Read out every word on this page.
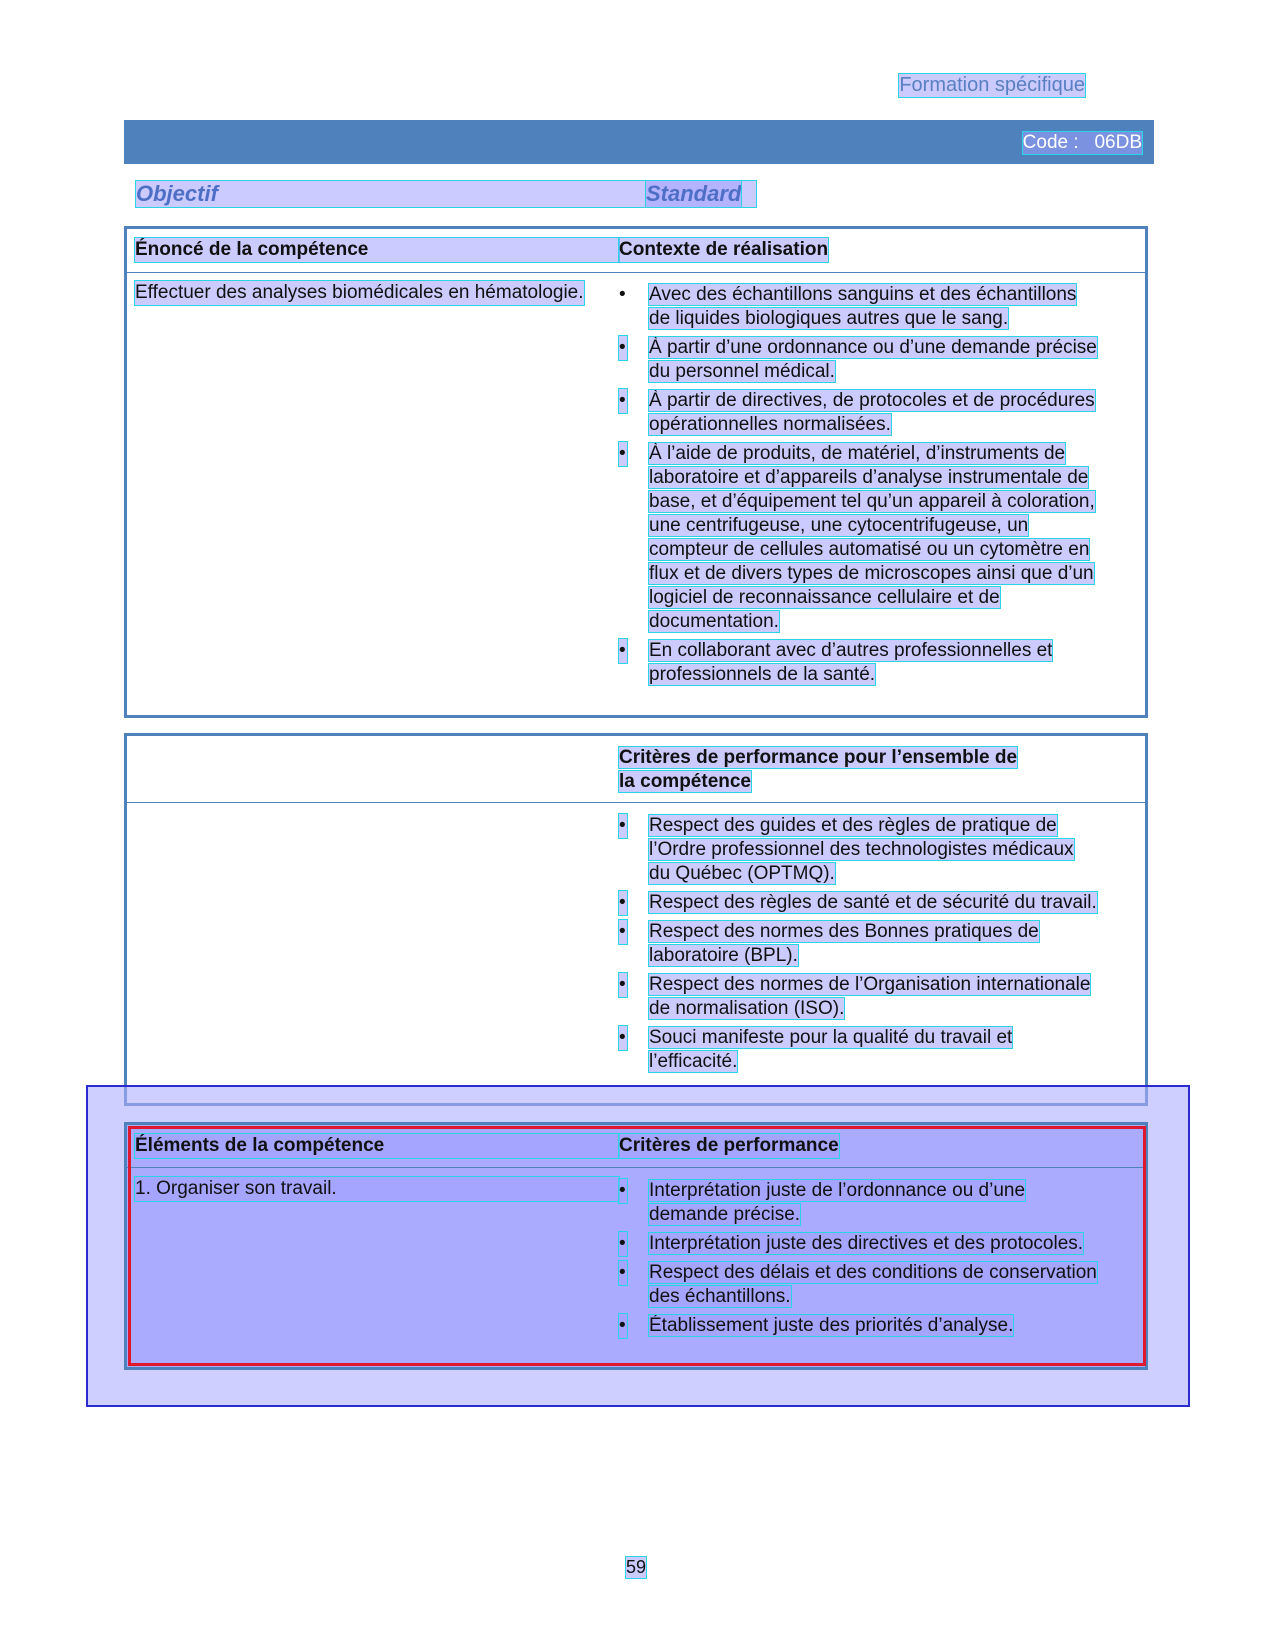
Formation spécifique
Code :   06DB
Objectif	Standard
Énoncé de la compétence	Contexte de réalisation
Effectuer des analyses biomédicales en hématologie. •	Avec des échantillons sanguins et des échantillons de liquides biologiques autres que le sang.
•
À partir d’une ordonnance ou d’une demande précise du personnel médical.
•
À partir de directives, de protocoles et de procédures opérationnelles normalisées.
•
À l’aide de produits, de matériel, d’instruments de laboratoire et d’appareils d’analyse instrumentale de base, et d’équipement tel qu’un appareil à coloration, une centrifugeuse, une cytocentrifugeuse, un compteur de cellules automatisé ou un cytomètre en flux et de divers types de microscopes ainsi que d’un logiciel de reconnaissance cellulaire et de documentation.
•
En collaborant avec d’autres professionnelles et professionnels de la santé.
Critères de performance pour l’ensemble de la compétence
•
Respect des guides et des règles de pratique de l’Ordre professionnel des technologistes médicaux du Québec (OPTMQ).
•
Respect des règles de santé et de sécurité du travail.
•
Respect des normes des Bonnes pratiques de laboratoire (BPL).
•
Respect des normes de l’Organisation internationale de normalisation (ISO).
•
Souci manifeste pour la qualité du travail et l’efficacité.
Éléments de la compétence	Critères de performance
1. Organiser son travail. •	Interprétation juste de l’ordonnance ou d’une demande précise.
•
Interprétation juste des directives et des protocoles.
•
Respect des délais et des conditions de conservation des échantillons.
•
Établissement juste des priorités d’analyse.
59
